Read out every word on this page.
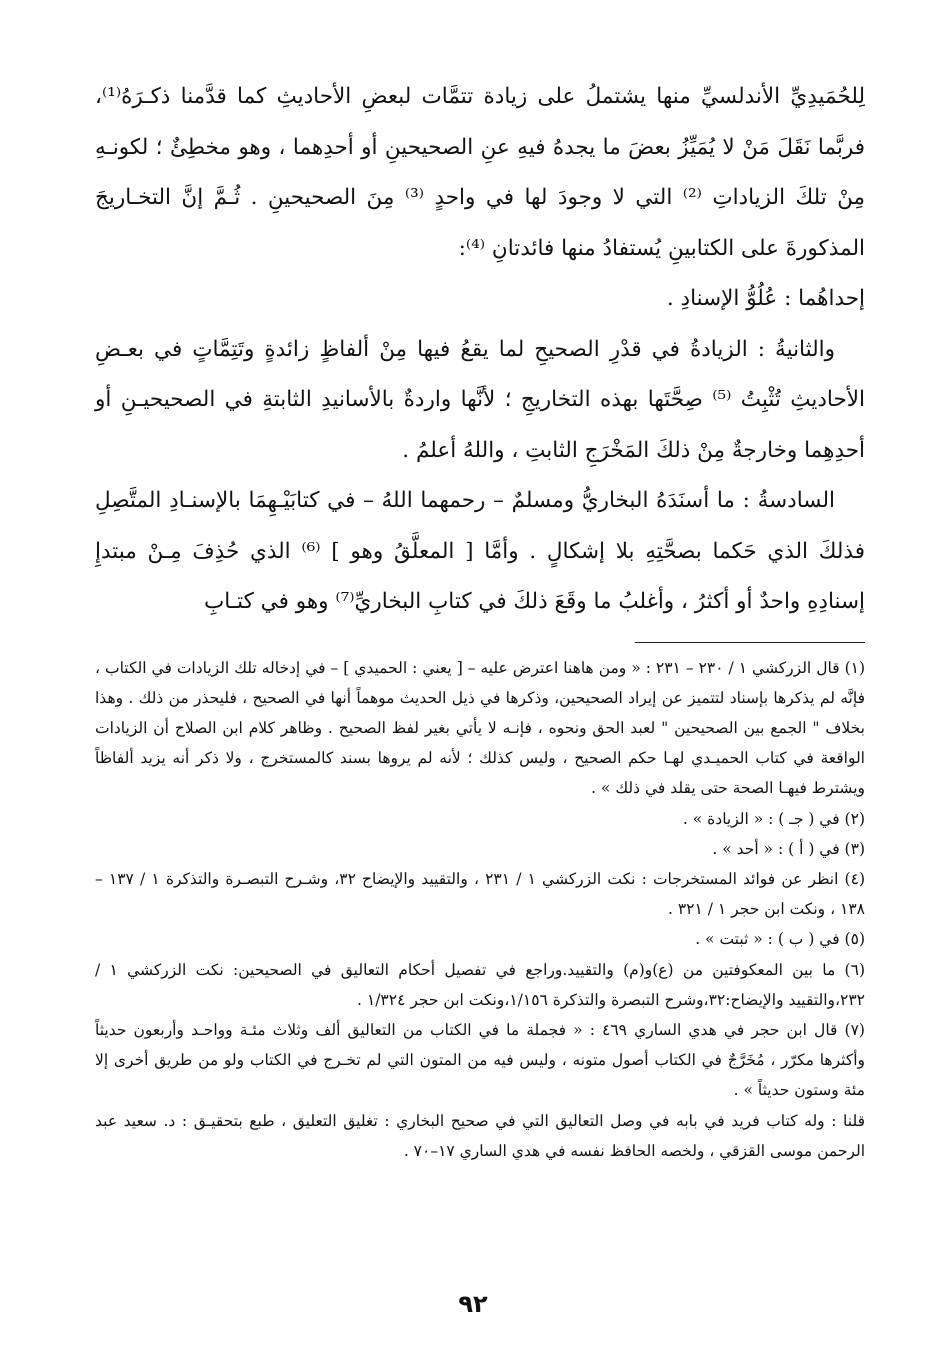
لِلحُمَيدِيِّ الأندلسيِّ منها يشتملُ على زيادة تتمَّات لبعضِ الأحاديثِ كما قدَّمنا ذكـرَهُ⁽¹⁾، فربَّما نَقَلَ مَنْ لا يُمَيِّزُ بعضَ ما يجدهُ فيهِ عنِ الصحيحينِ أو أحدِهما ، وهو مخطِئٌ ؛ لكونـهِ مِنْ تلكَ الزياداتِ ⁽²⁾ التي لا وجودَ لها في واحدٍ ⁽³⁾ مِنَ الصحيحينِ . ثُـمَّ إنَّ التخـاريجَ المذكورةَ على الكتابينِ يُستفادُ منها فائدتانِ ⁽⁴⁾:

إحداهُما : عُلُوُّ الإسنادِ .

والثانيةُ : الزيادةُ في قدْرِ الصحيحِ لما يقعُ فيها مِنْ ألفاظٍ زائدةٍ وتَتِمَّاتٍ في بعـضِ الأحاديثِ تُثْبِتُ ⁽⁵⁾ صِحَّتَها بهذه التخاريجِ ؛ لأنَّها واردةٌ بالأسانيدِ الثابتةِ في الصحيحيـنِ أو أحدِهِما وخارجةٌ مِنْ ذلكَ المَخْرَجِ الثابتِ ، واللهُ أعلمُ .

السادسةُ : ما أسنَدَهُ البخاريُّ ومسلمٌ – رحمهما اللهُ – في كتابَيْـهِمَا بالإسنـادِ المتَّصِلِ فذلكَ الذي حَكما بصحَّتِهِ بلا إشكالٍ . وأمَّا [ المعلَّقُ وهو ] ⁽⁶⁾ الذي حُذِفَ مِـنْ مبتدإِ إسنادِهِ واحدٌ أو أكثرُ ، وأغلبُ ما وقَعَ ذلكَ في كتابِ البخاريِّ⁽⁷⁾ وهو في كتـابِ

(١) قال الزركشي ١ / ٢٣٠ – ٢٣١ : « ومن هاهنا اعترض عليه – [ يعني : الحميدي ] – في إدخاله تلك الزيادات في الكتاب ، فإنَّه لم يذكرها بإسناد لتتميز عن إيراد الصحيحين، وذكرها في ذيل الحديث موهماً أنها في الصحيح ، فليحذر من ذلك . وهذا بخلاف " الجمع بين الصحيحين " لعبد الحق ونحوه ، فإنـه لا يأتي بغير لفظ الصحيح . وظاهر كلام ابن الصلاح أن الزيادات الواقعة في كتاب الحميـدي لهـا حكم الصحيح ، وليس كذلك ؛ لأنه لم يروها بسند كالمستخرج ، ولا ذكر أنه يزيد ألفاظاً ويشترط فيهـا الصحة حتى يقلد في ذلك » .

(٢) في ( جـ ) : « الزيادة » .

(٣) في ( أ ) : « أحد » .

(٤) انظر عن فوائد المستخرجات : نكت الزركشي ١ / ٢٣١ ، والتقييد والإيضاح ٣٢، وشـرح التبصـرة والتذكرة ١ / ١٣٧ – ١٣٨ ، ونكت ابن حجر ١ / ٣٢١ .

(٥) في ( ب ) : « ثبتت » .

(٦) ما بين المعكوفتين من (ع)و(م) والتقييد.وراجع في تفصيل أحكام التعاليق في الصحيحين: نكت الزركشي ١ / ٢٣٢،والتقييد والإيضاح:٣٢،وشرح التبصرة والتذكرة ١/١٥٦،ونكت ابن حجر ١/٣٢٤ .

(٧) قال ابن حجر في هدي الساري ٤٦٩ : « فجملة ما في الكتاب من التعاليق ألف وثلاث مئـة وواحـد وأربعون حديثاً وأكثرها مكرّر ، مُخَرَّجٌ في الكتاب أصول متونه ، وليس فيه من المتون التي لم تخـرج في الكتاب ولو من طريق أخرى إلا مئة وستون حديثاً » .

قلنا : وله كتاب فريد في بابه في وصل التعاليق التي في صحيح البخاري : تغليق التعليق ، طبع بتحقيـق : د. سعيد عبد الرحمن موسى القزقي ، ولخصه الحافظ نفسه في هدي الساري ١٧–٧٠ .

٩٢
